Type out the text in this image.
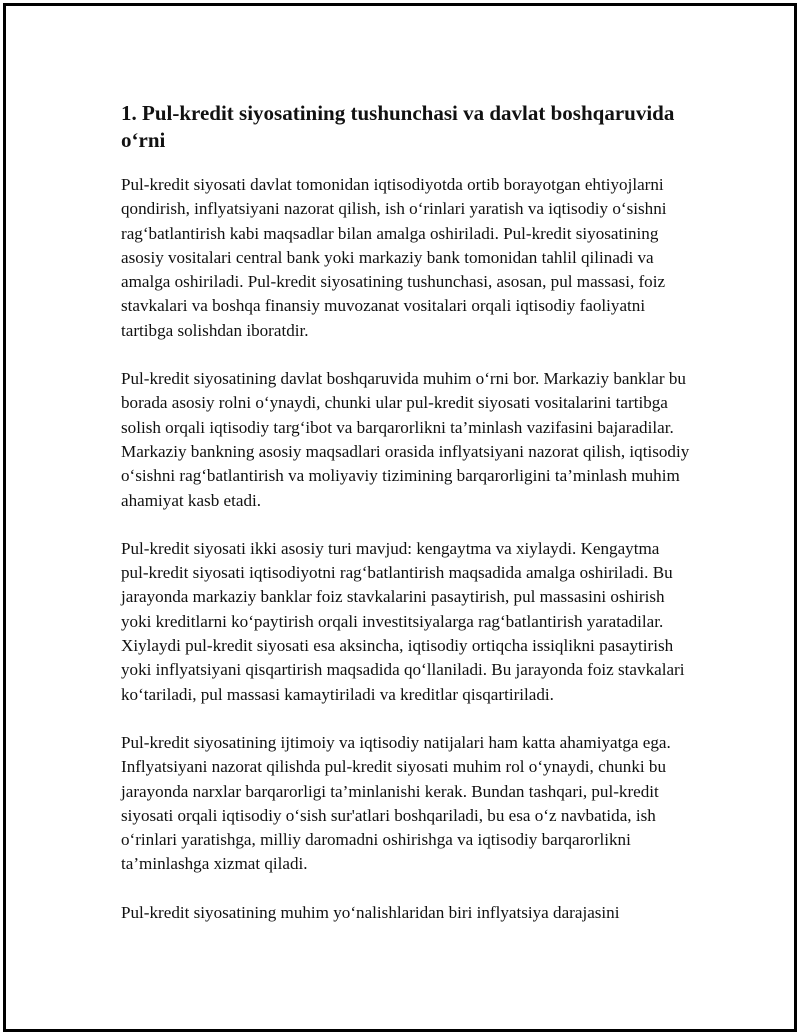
1. Pul-kredit siyosatining tushunchasi va davlat boshqaruvida o‘rni

Pul-kredit siyosati davlat tomonidan iqtisodiyotda ortib borayotgan ehtiyojlarni qondirish, inflyatsiyani nazorat qilish, ish o‘rinlari yaratish va iqtisodiy o‘sishni rag‘batlantirish kabi maqsadlar bilan amalga oshiriladi. Pul-kredit siyosatining asosiy vositalari central bank yoki markaziy bank tomonidan tahlil qilinadi va amalga oshiriladi. Pul-kredit siyosatining tushunchasi, asosan, pul massasi, foiz stavkalari va boshqa finansiy muvozanat vositalari orqali iqtisodiy faoliyatni tartibga solishdan iboratdir.

Pul-kredit siyosatining davlat boshqaruvida muhim o‘rni bor. Markaziy banklar bu borada asosiy rolni o‘ynaydi, chunki ular pul-kredit siyosati vositalarini tartibga solish orqali iqtisodiy targ‘ibot va barqarorlikni ta’minlash vazifasini bajaradilar. Markaziy bankning asosiy maqsadlari orasida inflyatsiyani nazorat qilish, iqtisodiy o‘sishni rag‘batlantirish va moliyaviy tizimining barqarorligini ta’minlash muhim ahamiyat kasb etadi.

Pul-kredit siyosati ikki asosiy turi mavjud: kengaytma va xiylaydi. Kengaytma pul-kredit siyosati iqtisodiyotni rag‘batlantirish maqsadida amalga oshiriladi. Bu jarayonda markaziy banklar foiz stavkalarini pasaytirish, pul massasini oshirish yoki kreditlarni ko‘paytirish orqali investitsiyalarga rag‘batlantirish yaratadilar. Xiylaydi pul-kredit siyosati esa aksincha, iqtisodiy ortiqcha issiqlikni pasaytirish yoki inflyatsiyani qisqartirish maqsadida qo‘llaniladi. Bu jarayonda foiz stavkalari ko‘tariladi, pul massasi kamaytiriladi va kreditlar qisqartiriladi.

Pul-kredit siyosatining ijtimoiy va iqtisodiy natijalari ham katta ahamiyatga ega. Inflyatsiyani nazorat qilishda pul-kredit siyosati muhim rol o‘ynaydi, chunki bu jarayonda narxlar barqarorligi ta’minlanishi kerak. Bundan tashqari, pul-kredit siyosati orqali iqtisodiy o‘sish sur'atlari boshqariladi, bu esa o‘z navbatida, ish o‘rinlari yaratishga, milliy daromadni oshirishga va iqtisodiy barqarorlikni ta’minlashga xizmat qiladi.

Pul-kredit siyosatining muhim yo‘nalishlaridan biri inflyatsiya darajasini
